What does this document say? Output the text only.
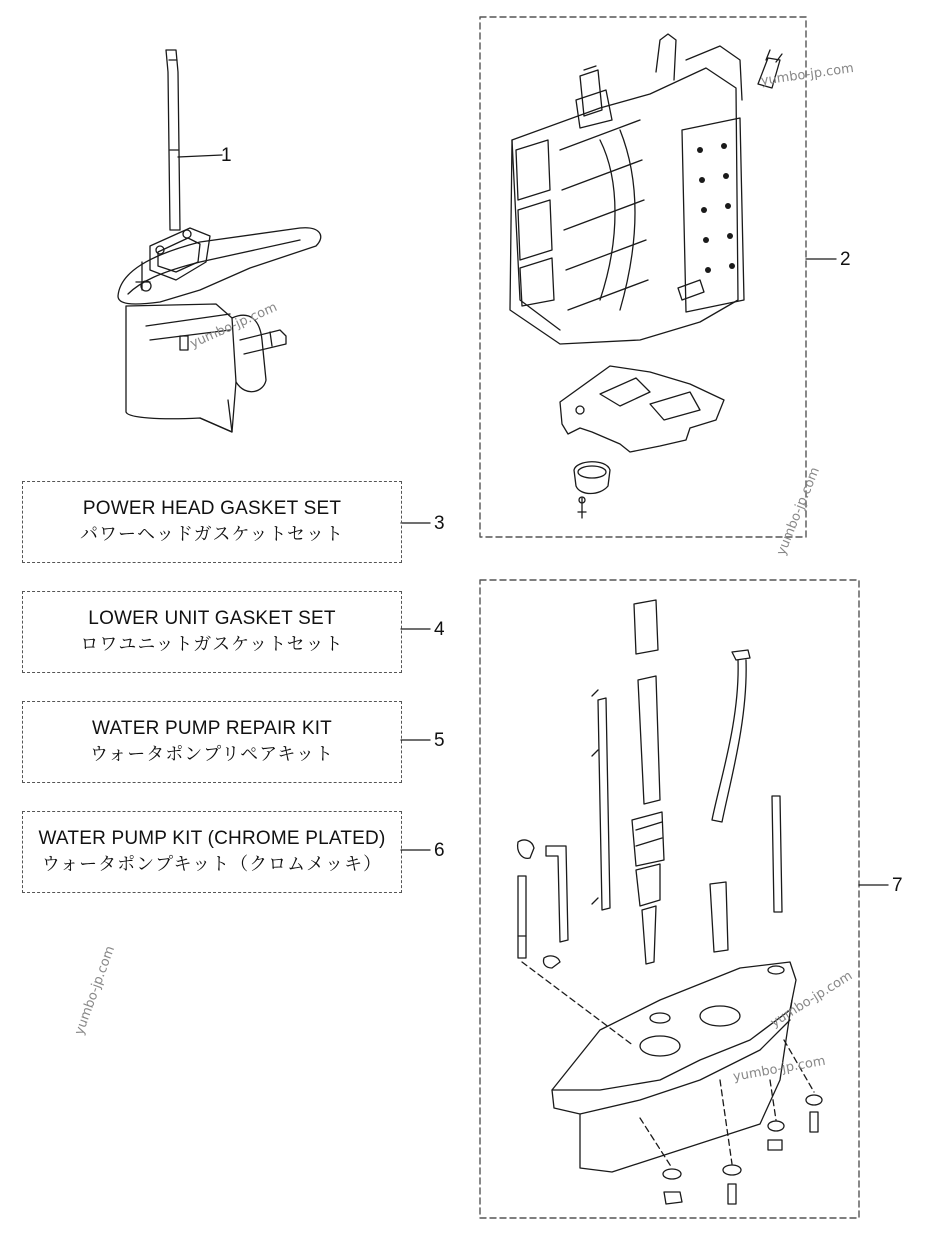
1
2
3
4
5
6
7
POWER HEAD GASKET SET
パワーヘッドガスケットセット
LOWER UNIT GASKET SET
ロワユニットガスケットセット
WATER PUMP REPAIR KIT
ウォータポンプリペアキット
WATER PUMP KIT (CHROME PLATED)
ウォータポンプキット（クロムメッキ）
yumbo-jp.com
yumbo-jp.com
yumbo-jp.com
yumbo-jp.com	yumbo-jp.com
yumbo-jp.com
